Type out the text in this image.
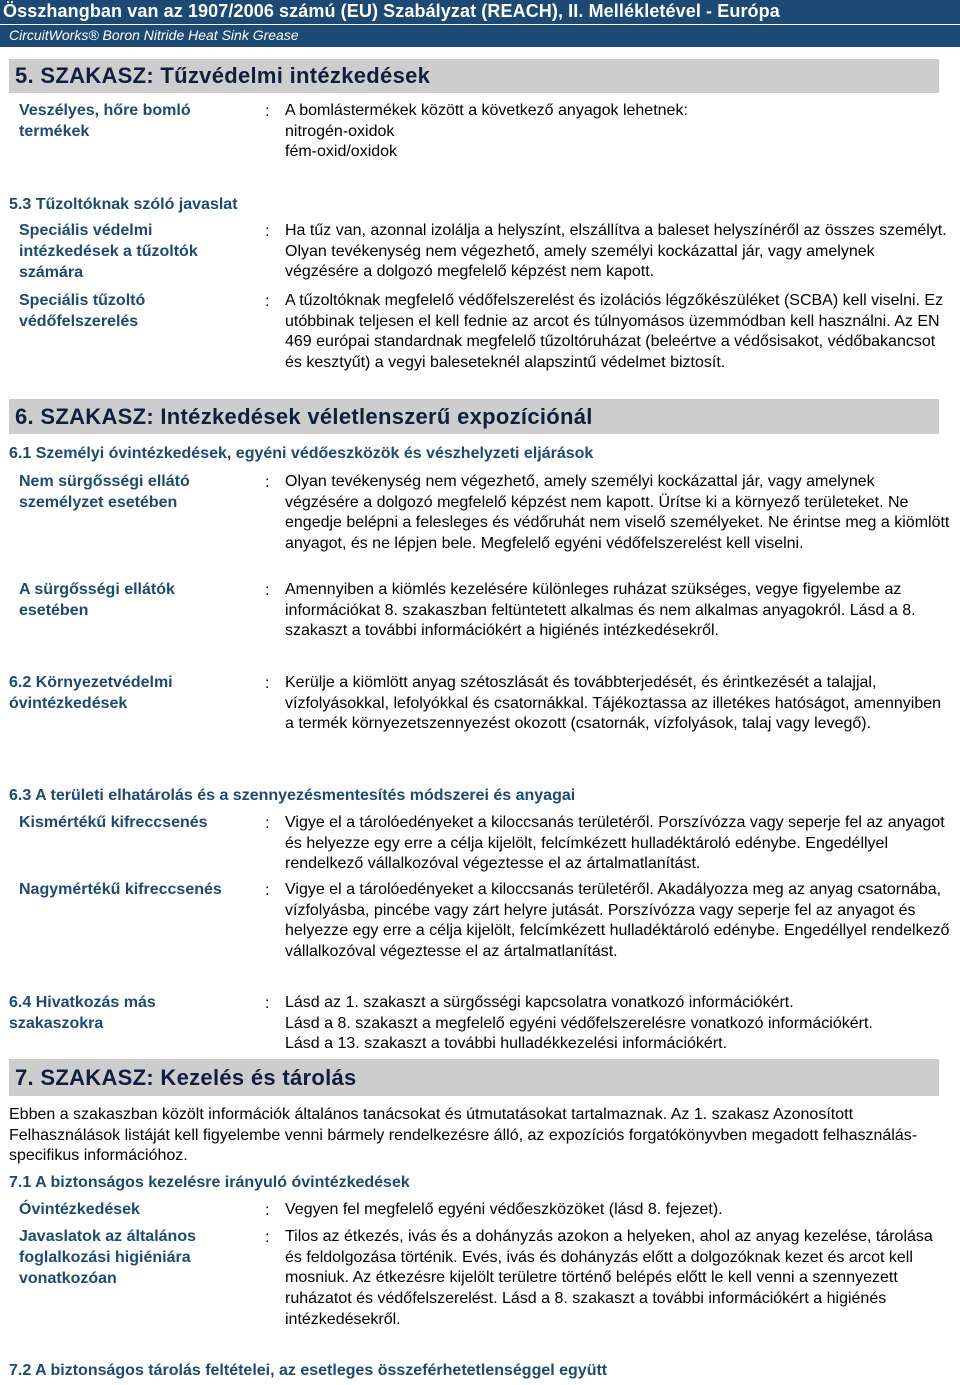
Összhangban van az 1907/2006 számú (EU) Szabályzat (REACH), II. Mellékletével - Európa
CircuitWorks® Boron Nitride Heat Sink Grease
5. SZAKASZ: Tűzvédelmi intézkedések
Veszélyes, hőre bomló termékek
: A bomlástermékek között a következő anyagok lehetnek:
nitrogén-oxidok
fém-oxid/oxidok
5.3 Tűzoltóknak szóló javaslat
Speciális védelmi intézkedések a tűzoltók számára
: Ha tűz van, azonnal izolálja a helyszínt, elszállítva a baleset helyszínéről az összes személyt. Olyan tevékenység nem végezhető, amely személyi kockázattal jár, vagy amelynek végzésére a dolgozó megfelelő képzést nem kapott.
Speciális tűzoltó védőfelszerelés
: A tűzoltóknak megfelelő védőfelszerelést és izolációs légzőkészüléket (SCBA) kell viselni. Ez utóbbinak teljesen el kell fednie az arcot és túlnyomásos üzemmódban kell használni. Az EN 469 európai standardnak megfelelő tűzoltóruházat (beleértve a védősisakot, védőbakancsot és kesztyűt) a vegyi baleseteknél alapszintű védelmet biztosít.
6. SZAKASZ: Intézkedések véletlenszerű expozíciónál
6.1 Személyi óvintézkedések, egyéni védőeszközök és vészhelyzeti eljárások
Nem sürgősségi ellátó személyzet esetében
: Olyan tevékenység nem végezhető, amely személyi kockázattal jár, vagy amelynek végzésére a dolgozó megfelelő képzést nem kapott. Ürítse ki a környező területeket. Ne engedje belépni a felesleges és védőruhát nem viselő személyeket. Ne érintse meg a kiömlött anyagot, és ne lépjen bele. Megfelelő egyéni védőfelszerelést kell viselni.
A sürgősségi ellátók esetében
: Amennyiben a kiömlés kezelésére különleges ruházat szükséges, vegye figyelembe az információkat 8. szakaszban feltüntetett alkalmas és nem alkalmas anyagokról. Lásd a 8. szakaszt a további információkért a higiénés intézkedésekről.
6.2 Környezetvédelmi óvintézkedések
: Kerülje a kiömlött anyag szétoszlását és továbbterjedését, és érintkezését a talajjal, vízfolyásokkal, lefolyókkal és csatornákkal. Tájékoztassa az illetékes hatóságot, amennyiben a termék környezetszennyezést okozott (csatornák, vízfolyások, talaj vagy levegő).
6.3 A területi elhatárolás és a szennyezésmentesítés módszerei és anyagai
Kismértékű kifreccsenés	: Vigye el a tárolóedényeket a kiloccsanás területéről. Porszívózza vagy seperje fel az anyagot és helyezze egy erre a célja kijelölt, felcímkézett hulladéktároló edénybe. Engedéllyel rendelkező vállalkozóval végeztesse el az ártalmatlanítást.
Nagymértékű kifreccsenés	: Vigye el a tárolóedényeket a kiloccsanás területéről. Akadályozza meg az anyag csatornába, vízfolyásba, pincébe vagy zárt helyre jutását. Porszívózza vagy seperje fel az anyagot és helyezze egy erre a célja kijelölt, felcímkézett hulladéktároló edénybe. Engedéllyel rendelkező vállalkozóval végeztesse el az ártalmatlanítást.
6.4 Hivatkozás más szakaszokra
: Lásd az 1. szakaszt a sürgősségi kapcsolatra vonatkozó információkért.
Lásd a 8. szakaszt a megfelelő egyéni védőfelszerelésre vonatkozó információkért.
Lásd a 13. szakaszt a további hulladékkezelési információkért.
7. SZAKASZ: Kezelés és tárolás
Ebben a szakaszban közölt információk általános tanácsokat és útmutatásokat tartalmaznak. Az 1. szakasz Azonosított Felhasználások listáját kell figyelembe venni bármely rendelkezésre álló, az expozíciós forgatókönyvben megadott felhasználás-specifikus információhoz.
7.1 A biztonságos kezelésre irányuló óvintézkedések
Óvintézkedések	: Vegyen fel megfelelő egyéni védőeszközöket (lásd 8. fejezet).
Javaslatok az általános foglalkozási higiéniára vonatkozóan
: Tilos az étkezés, ivás és a dohányzás azokon a helyeken, ahol az anyag kezelése, tárolása és feldolgozása történik. Evés, ivás és dohányzás előtt a dolgozóknak kezet és arcot kell mosniuk. Az étkezésre kijelölt területre történő belépés előtt le kell venni a szennyezett ruházatot és védőfelszerelést. Lásd a 8. szakaszt a további információkért a higiénés intézkedésekről.
7.2 A biztonságos tárolás feltételei, az esetleges összeférhetetlenséggel együtt
